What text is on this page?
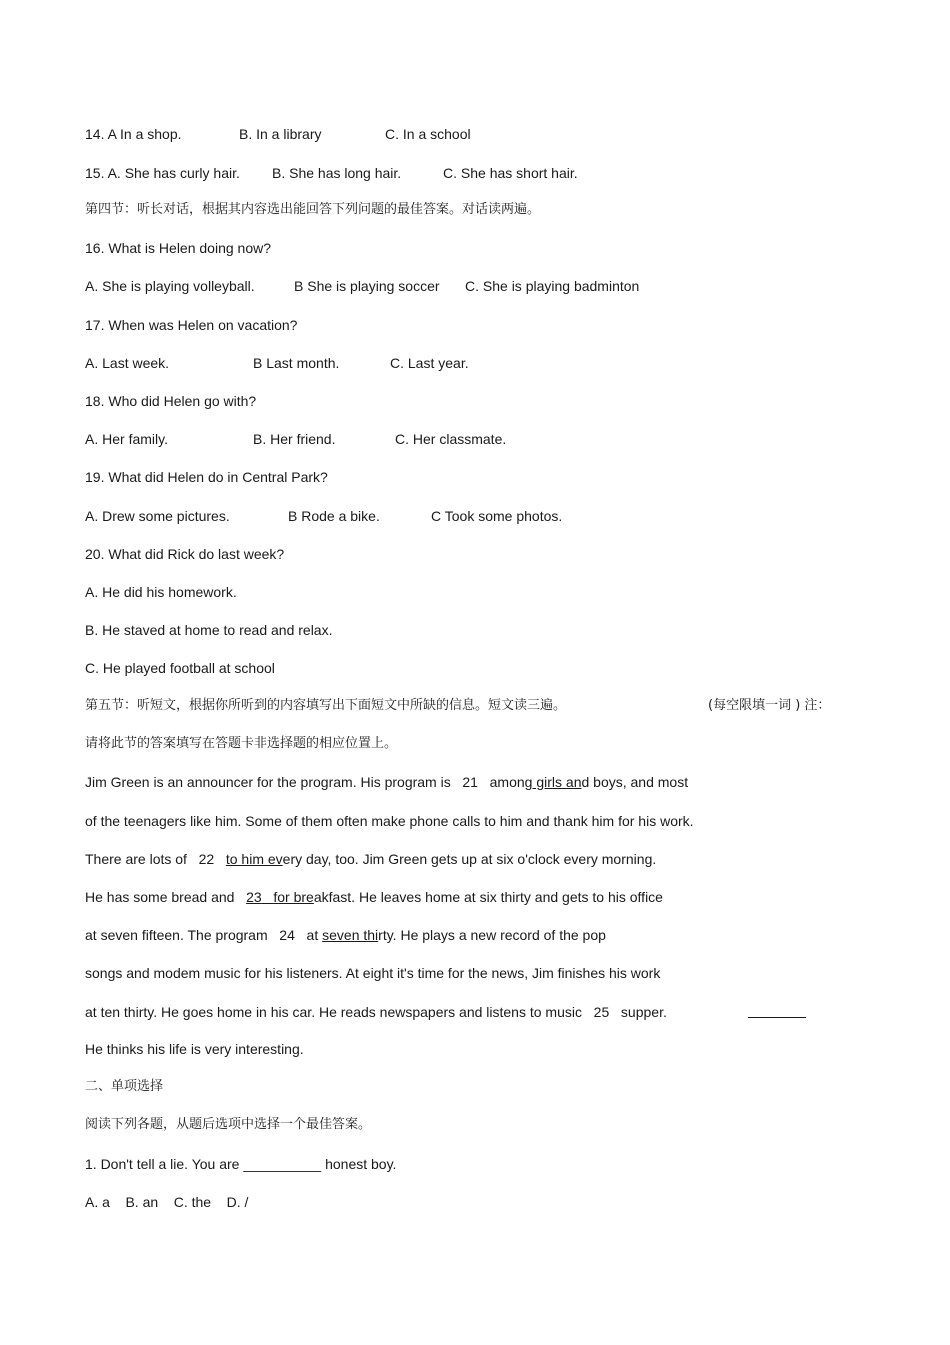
14. A In a shop.	B. In a library	C. In a school
15. A. She has curly hair. B. She has long hair.	C. She has short hair.
第四节：听长对话，根据其内容选出能回答下列问题的最佳答案。对话读两遍。
16. What is Helen doing now?
A. She is playing volleyball.	B She is playing soccer C. She is playing badminton
17. When was Helen on vacation?
A. Last week.	B Last month.	C. Last year.
18. Who did Helen go with?
A. Her family.	B. Her friend.	C. Her classmate.
19. What did Helen do in Central Park?
A. Drew some pictures.	B Rode a bike.	C Took some photos.
20. What did Rick do last week?
A. He did his homework.
B. He staved at home to read and relax.
C. He played football at school
第五节：听短文，根据你所听到的内容填写出下面短文中所缺的信息。短文读三遍。	(每空限填一词 ) 注：
请将此节的答案填写在答题卡非选择题的相应位置上。
Jim Green is an announcer for the program. His program is 21 among girls and boys, and most
of the teenagers like him. Some of them often make phone calls to him and thank him for his work.
There are lots of 22 to him every day, too. Jim Green gets up at six o'clock every morning.
He has some bread and 23 for breakfast. He leaves home at six thirty and gets to his office
at seven fifteen. The program 24 at seven thirty. He plays a new record of the pop
songs and modem music for his listeners. At eight it's time for the news, Jim finishes his work
at ten thirty. He goes home in his car. He reads newspapers and listens to music 25 supper.
He thinks his life is very interesting.
二、单项选择
阅读下列各题，从题后选项中选择一个最佳答案。
1. Don't tell a lie. You are __________ honest boy.
A. a B. an C. the D. /
